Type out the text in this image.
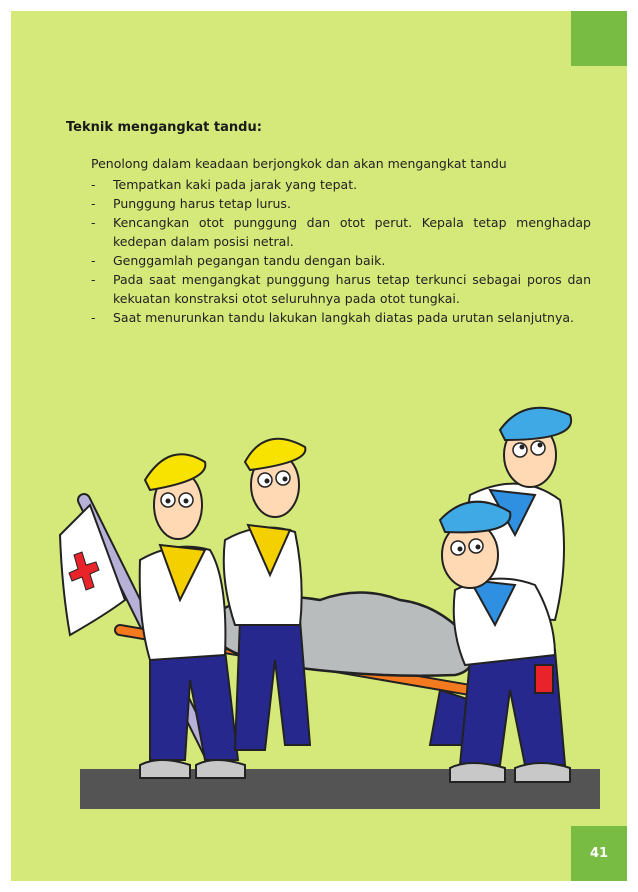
41
Teknik mengangkat tandu:
Penolong dalam keadaan berjongkok dan akan mengangkat tandu
- Tempatkan kaki pada jarak yang tepat.
- Punggung harus tetap lurus.
- Kencangkan otot punggung dan otot perut. Kepala tetap menghadap kedepan dalam posisi netral.
- Genggamlah pegangan tandu dengan baik.
- Pada saat mengangkat punggung harus tetap terkunci sebagai poros dan kekuatan konstraksi otot seluruhnya pada otot tungkai.
- Saat menurunkan tandu lakukan langkah diatas pada urutan selanjutnya.
